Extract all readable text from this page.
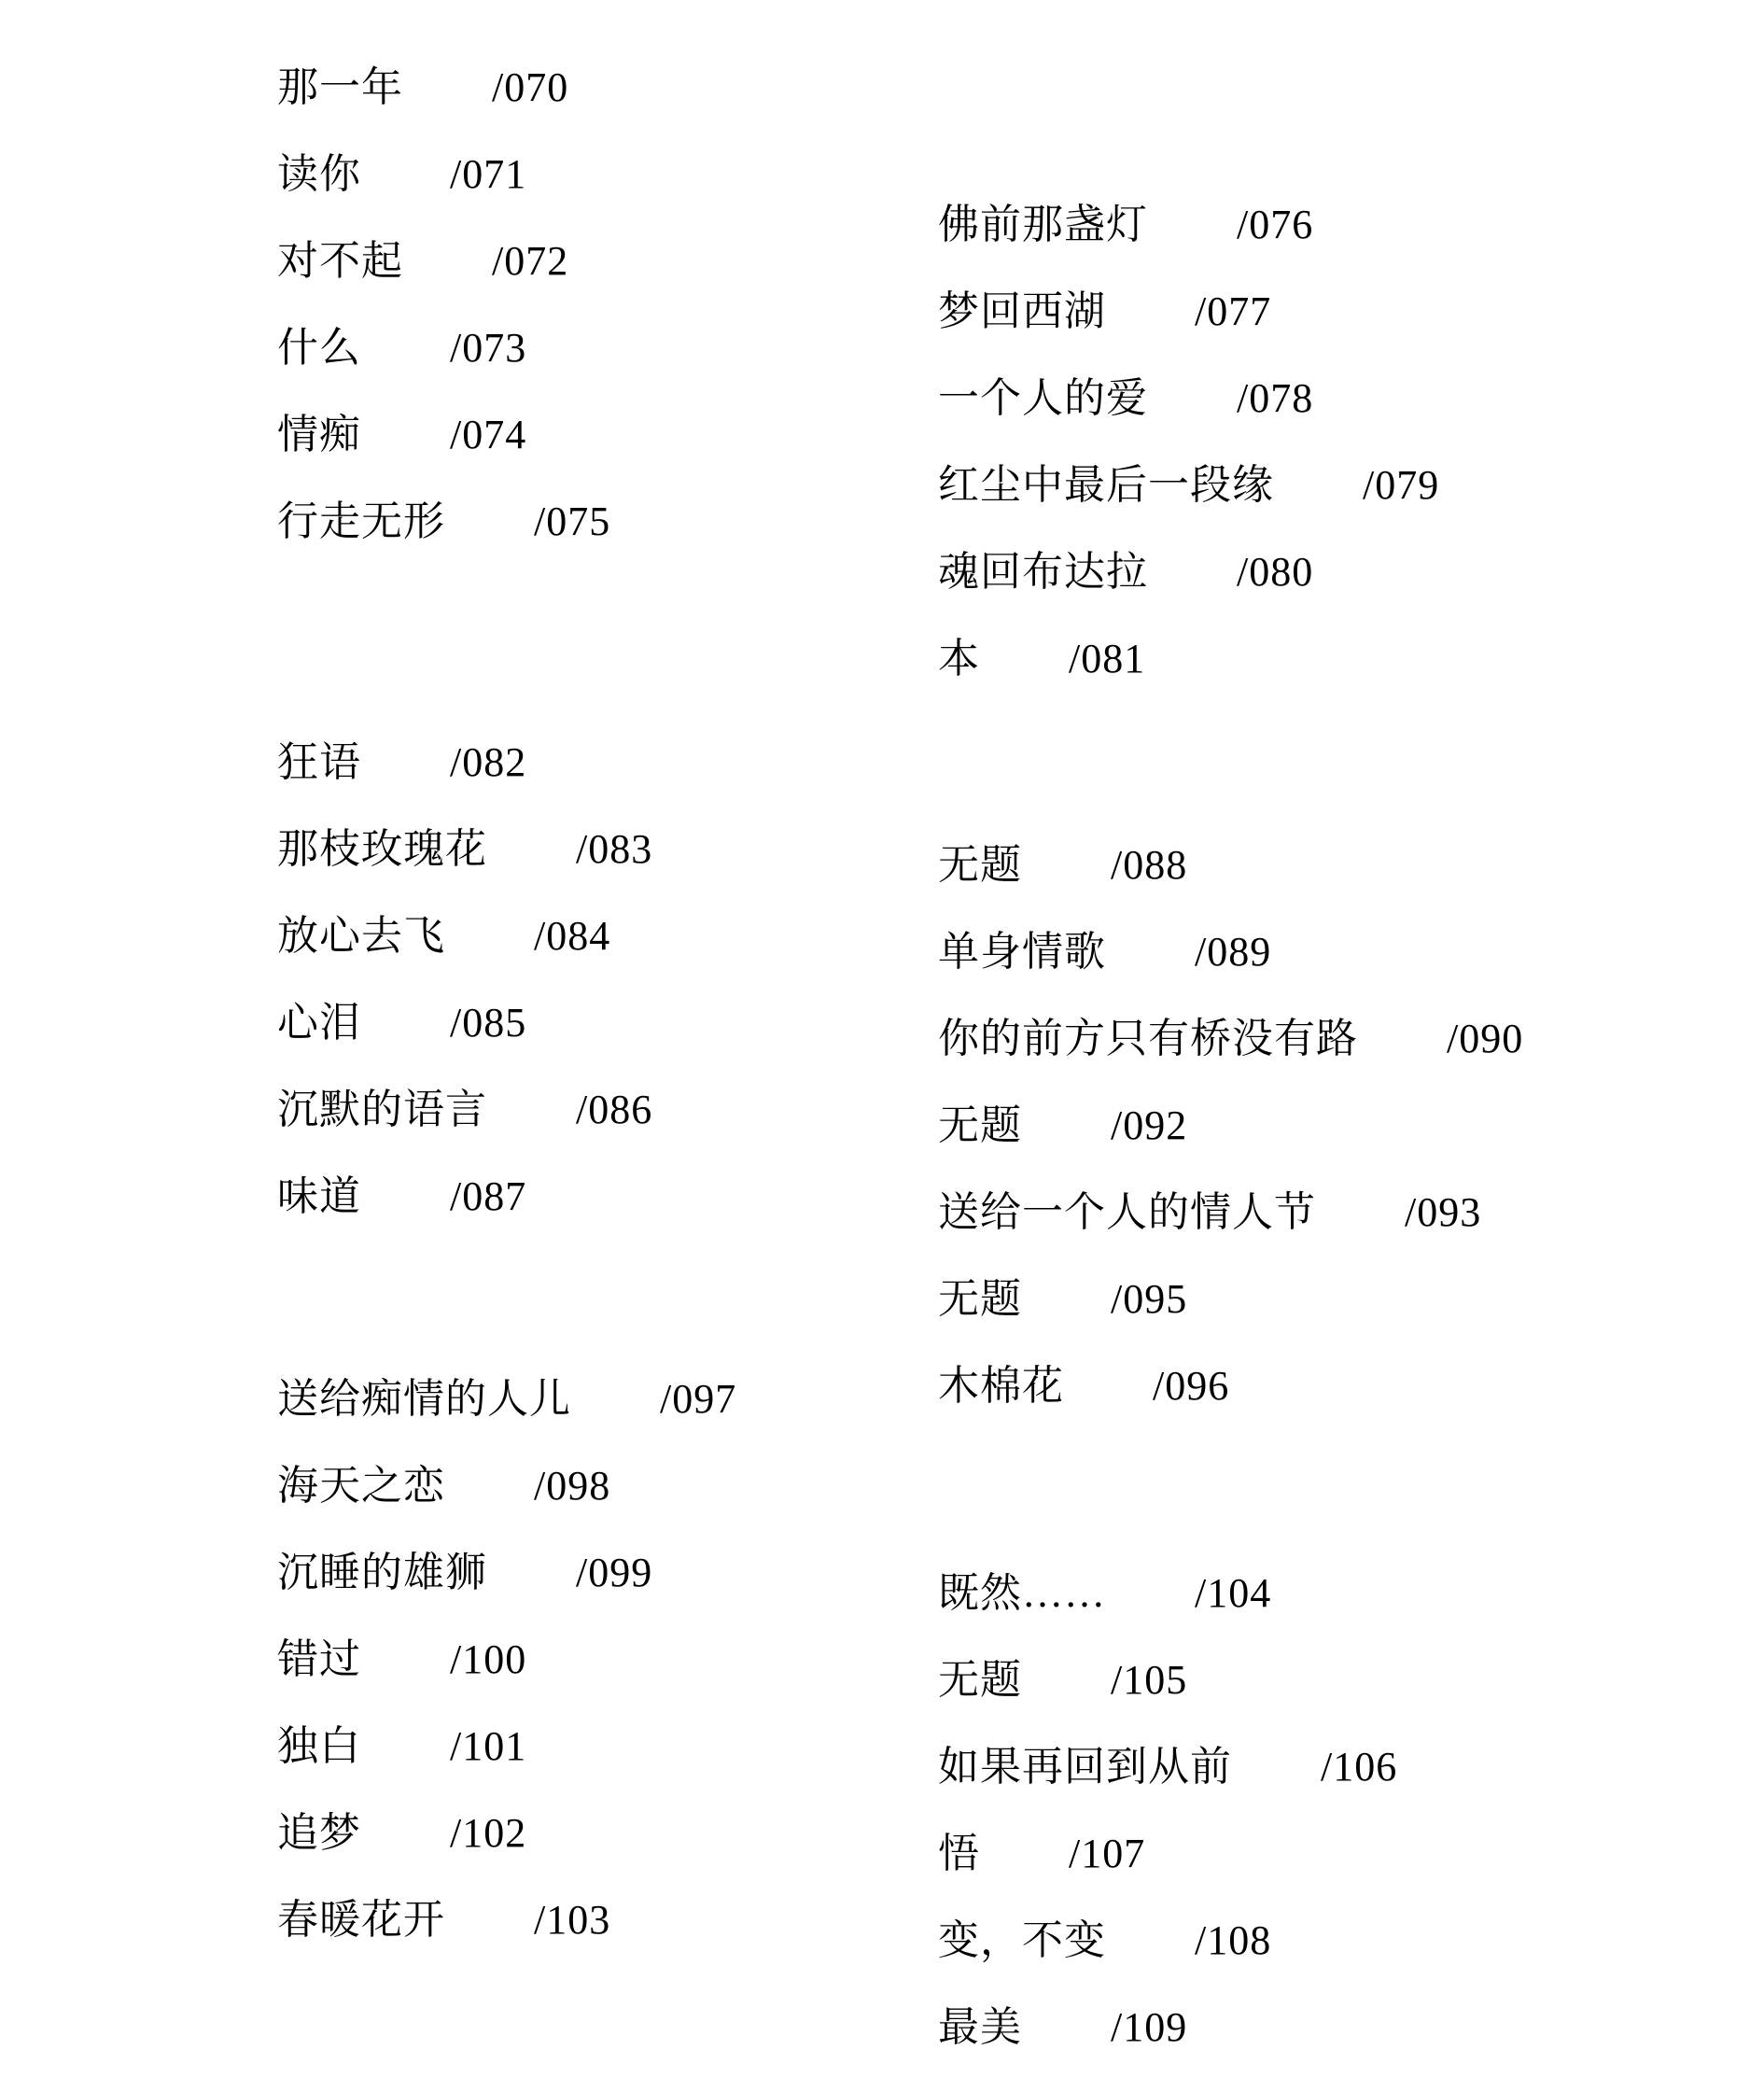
那一年 /070
读你 /071
对不起 /072
什么 /073
情痴 /074
行走无形 /075
狂语 /082
那枝玫瑰花 /083
放心去飞 /084
心泪 /085
沉默的语言 /086
味道 /087
送给痴情的人儿 /097
海天之恋 /098
沉睡的雄狮 /099
错过 /100
独白 /101
追梦 /102
春暖花开 /103
佛前那盏灯 /076
梦回西湖 /077
一个人的爱 /078
红尘中最后一段缘 /079
魂回布达拉 /080
本 /081
无题 /088
单身情歌 /089
你的前方只有桥没有路 /090
无题 /092
送给一个人的情人节 /093
无题 /095
木棉花 /096
既然…… /104
无题 /105
如果再回到从前 /106
悟 /107
变，不变 /108
最美 /109
